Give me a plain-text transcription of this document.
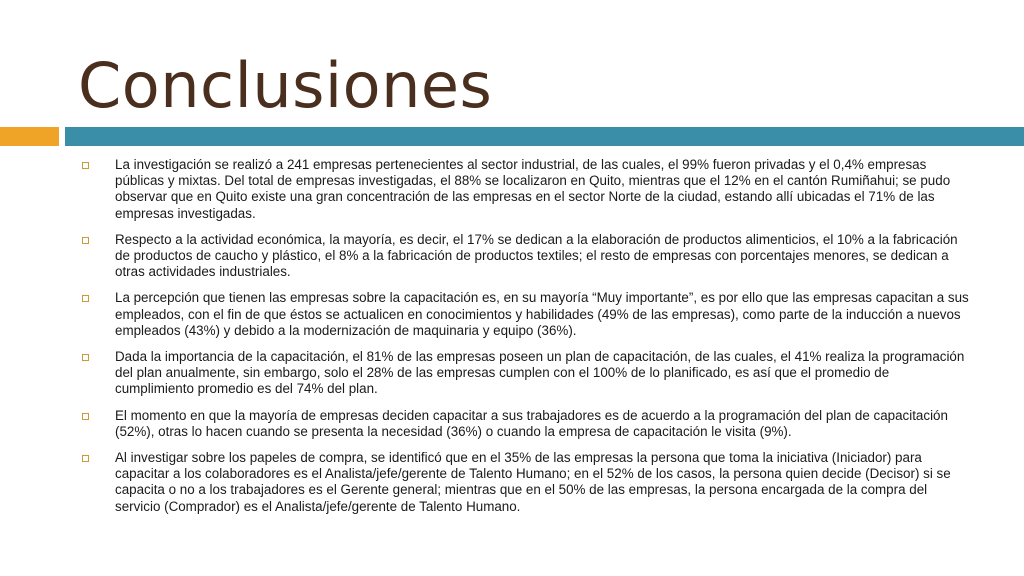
Conclusiones
La investigación se realizó a 241 empresas pertenecientes al sector industrial, de las cuales, el 99% fueron privadas y el 0,4% empresas públicas y mixtas. Del total de empresas investigadas, el 88% se localizaron en Quito, mientras que el 12% en el cantón Rumiñahui; se pudo observar que en Quito existe una gran concentración de las empresas en el sector Norte de la ciudad, estando allí ubicadas el 71% de las empresas investigadas.
Respecto a la actividad económica, la mayoría, es decir, el 17% se dedican a la elaboración de productos alimenticios, el 10% a la fabricación de productos de caucho y plástico, el 8% a la fabricación de productos textiles; el resto de empresas con porcentajes menores, se dedican a otras actividades industriales.
La percepción que tienen las empresas sobre la capacitación es, en su mayoría “Muy importante”, es por ello que las empresas capacitan a sus empleados, con el fin de que éstos se actualicen en conocimientos y habilidades (49% de las empresas), como parte de la inducción a nuevos empleados (43%) y debido a la modernización de maquinaria y equipo (36%).
Dada la importancia de la capacitación, el 81% de las empresas poseen un plan de capacitación, de las cuales, el 41% realiza la programación del plan anualmente, sin embargo, solo el 28% de las empresas cumplen con el 100% de lo planificado, es así que el promedio de cumplimiento promedio es del 74% del plan.
El momento en que la mayoría de empresas deciden capacitar a sus trabajadores es de acuerdo a la programación del plan de capacitación (52%), otras lo hacen cuando se presenta la necesidad (36%) o cuando la empresa de capacitación le visita (9%).
Al investigar sobre los papeles de compra, se identificó que en el 35% de las empresas la persona que toma la iniciativa (Iniciador) para capacitar a los colaboradores es el Analista/jefe/gerente de Talento Humano; en el 52% de los casos, la persona quien decide (Decisor) si se capacita o no a los trabajadores es el Gerente general; mientras que en el 50% de las empresas, la persona encargada de la compra del servicio (Comprador) es el Analista/jefe/gerente de Talento Humano.
